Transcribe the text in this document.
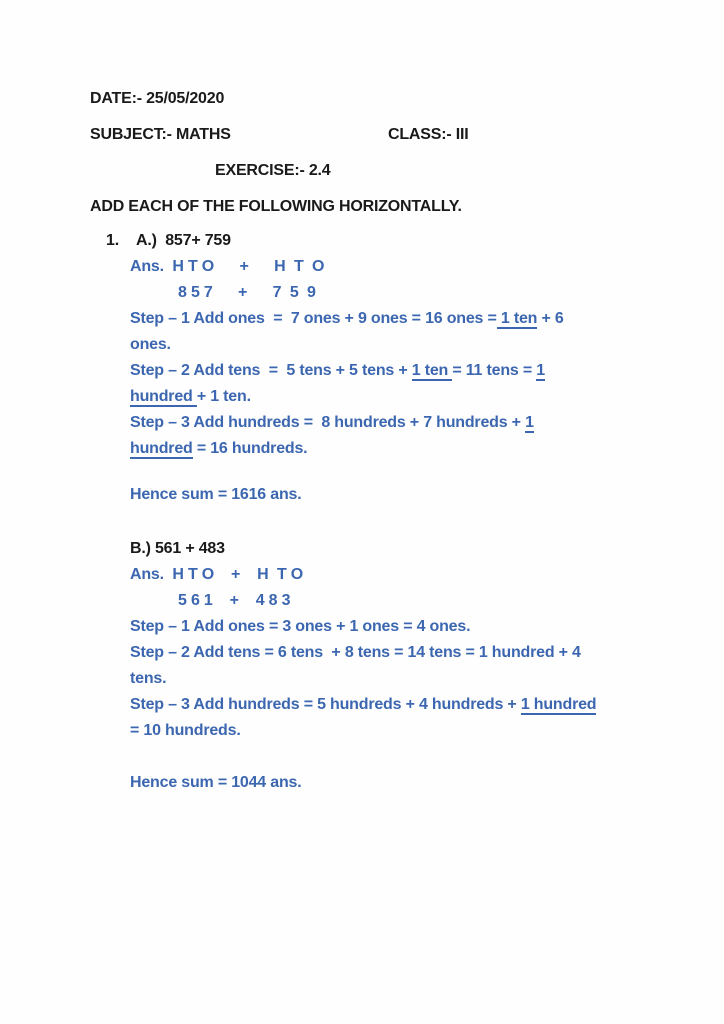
DATE:- 25/05/2020

SUBJECT:- MATHS	CLASS:- III

EXERCISE:- 2.4

ADD EACH OF THE FOLLOWING HORIZONTALLY.

1. A.)  857+ 759

Ans.  H T O      +      H  T  O

8 5 7      +      7  5  9

Step – 1 Add ones  =  7 ones + 9 ones = 16 ones = 1 ten + 6

ones.

Step – 2 Add tens  =  5 tens + 5 tens + 1 ten = 11 tens = 1

hundred + 1 ten.

Step – 3 Add hundreds =  8 hundreds + 7 hundreds + 1

hundred = 16 hundreds.

Hence sum = 1616 ans.

B.) 561 + 483

Ans.  H T O    +    H  T O

5 6 1    +    4 8 3

Step – 1 Add ones = 3 ones + 1 ones = 4 ones.

Step – 2 Add tens = 6 tens  + 8 tens = 14 tens = 1 hundred + 4

tens.

Step – 3 Add hundreds = 5 hundreds + 4 hundreds + 1 hundred

= 10 hundreds.

Hence sum = 1044 ans.
